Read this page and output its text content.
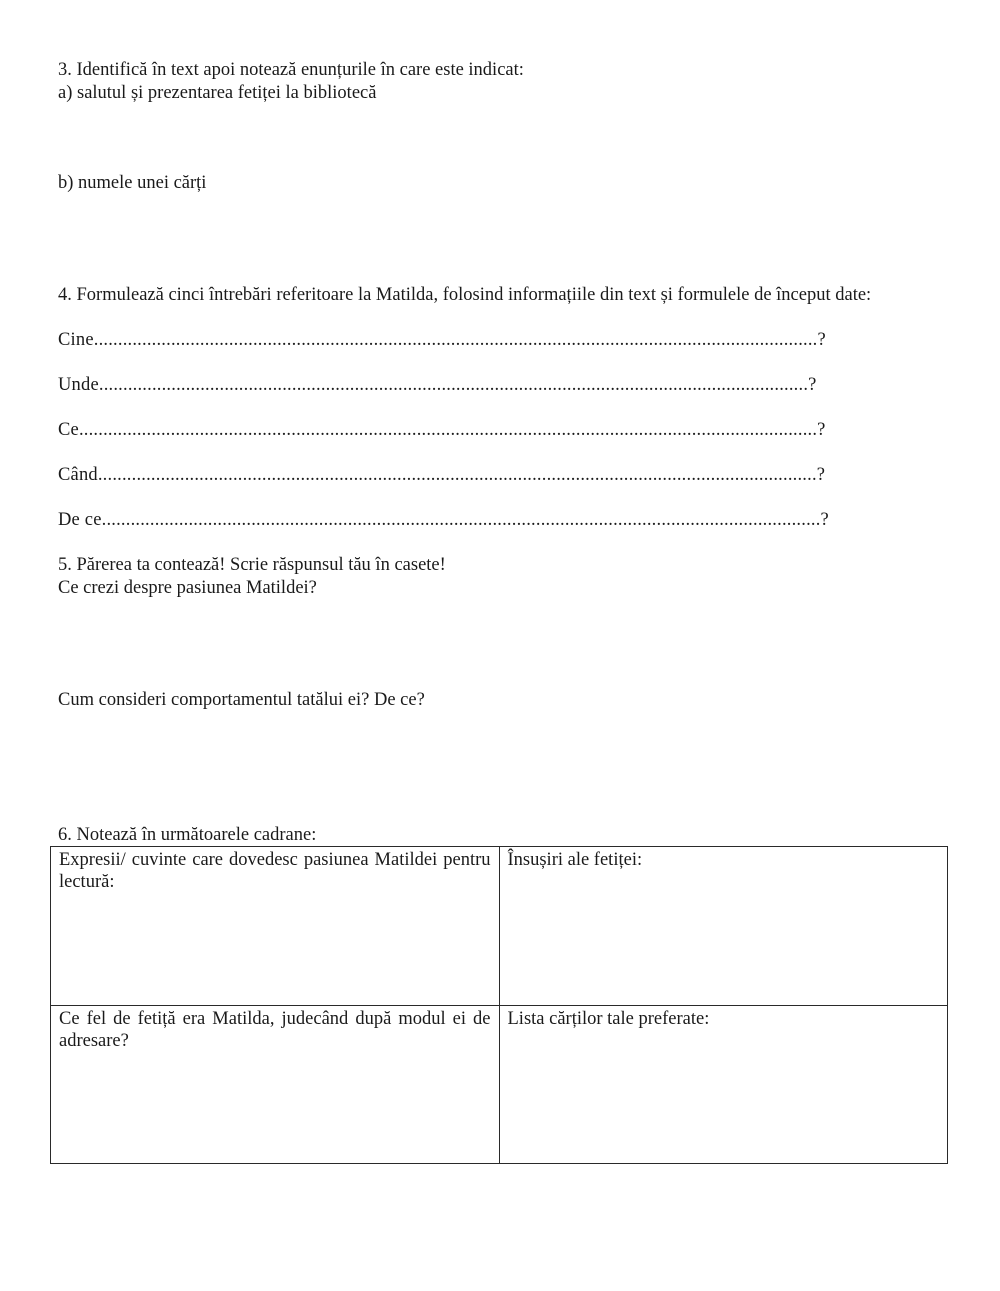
3. Identifică în text apoi notează enunțurile în care este indicat:
a) salutul și prezentarea fetiței la bibliotecă
b) numele unei cărți
4. Formulează cinci întrebări referitoare la Matilda, folosind informațiile din text și formulele de început date:
Cine......................................................................................................................................................?
Unde...................................................................................................................................................?
Ce.........................................................................................................................................................?
Când.....................................................................................................................................................?
De ce.....................................................................................................................................................?
5. Părerea ta contează! Scrie răspunsul tău în casete!
Ce crezi despre pasiunea Matildei?
Cum consideri comportamentul tatălui ei? De ce?
6. Notează în următoarele cadrane:
Expresii/ cuvinte care dovedesc pasiunea Matildei pentru lectură:	Însușiri ale fetiței:
Ce fel de fetiță era Matilda, judecând după modul ei de adresare?	Lista cărților tale preferate:
